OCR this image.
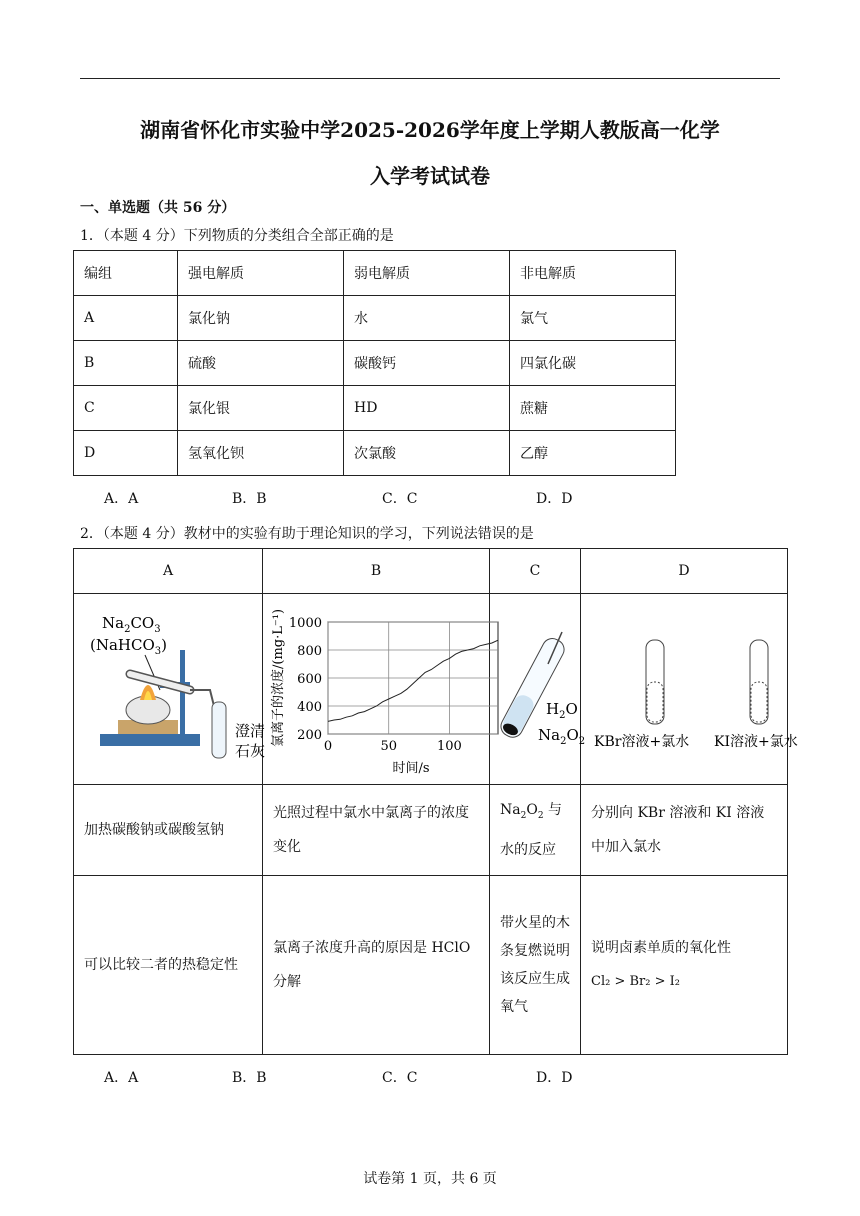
湖南省怀化市实验中学2025-2026学年度上学期人教版高一化学
入学考试试卷
一、单选题（共 56 分）
1．（本题 4 分）下列物质的分类组合全部正确的是
编组	强电解质	弱电解质	非电解质
A	氯化钠	水	氯气
B	硫酸	碳酸钙	四氯化碳
C	氯化银	HD	蔗糖
D	氢氧化钡	次氯酸	乙醇
A．A	B．B	C．C	D．D
2．（本题 4 分）教材中的实验有助于理论知识的学习，下列说法错误的是
A	B	C	D

加热碳酸钠或碳酸氢钠	光照过程中氯水中氯离子的浓度变化	$Na_2O_2$ 与水的反应	分别向 KBr 溶液和 KI 溶液中加入氯水
可以比较二者的热稳定性	氯离子浓度升高的原因是 HClO 分解	带火星的木条复燃说明该反应生成氧气	说明卤素单质的氧化性
Cl₂ > Br₂ > I₂
$Na_2CO_3$
(NaHCO$_3$)
澄清
石灰
200
400
600
800
1000
0	50	100
氯离子的浓度/(mg·L⁻¹)
时间/s
$H_2O$
$Na_2O_2$ KBr溶液+氯水 KI溶液+氯水
A．A	B．B	C．C	D．D
试卷第 1 页，共 6 页
